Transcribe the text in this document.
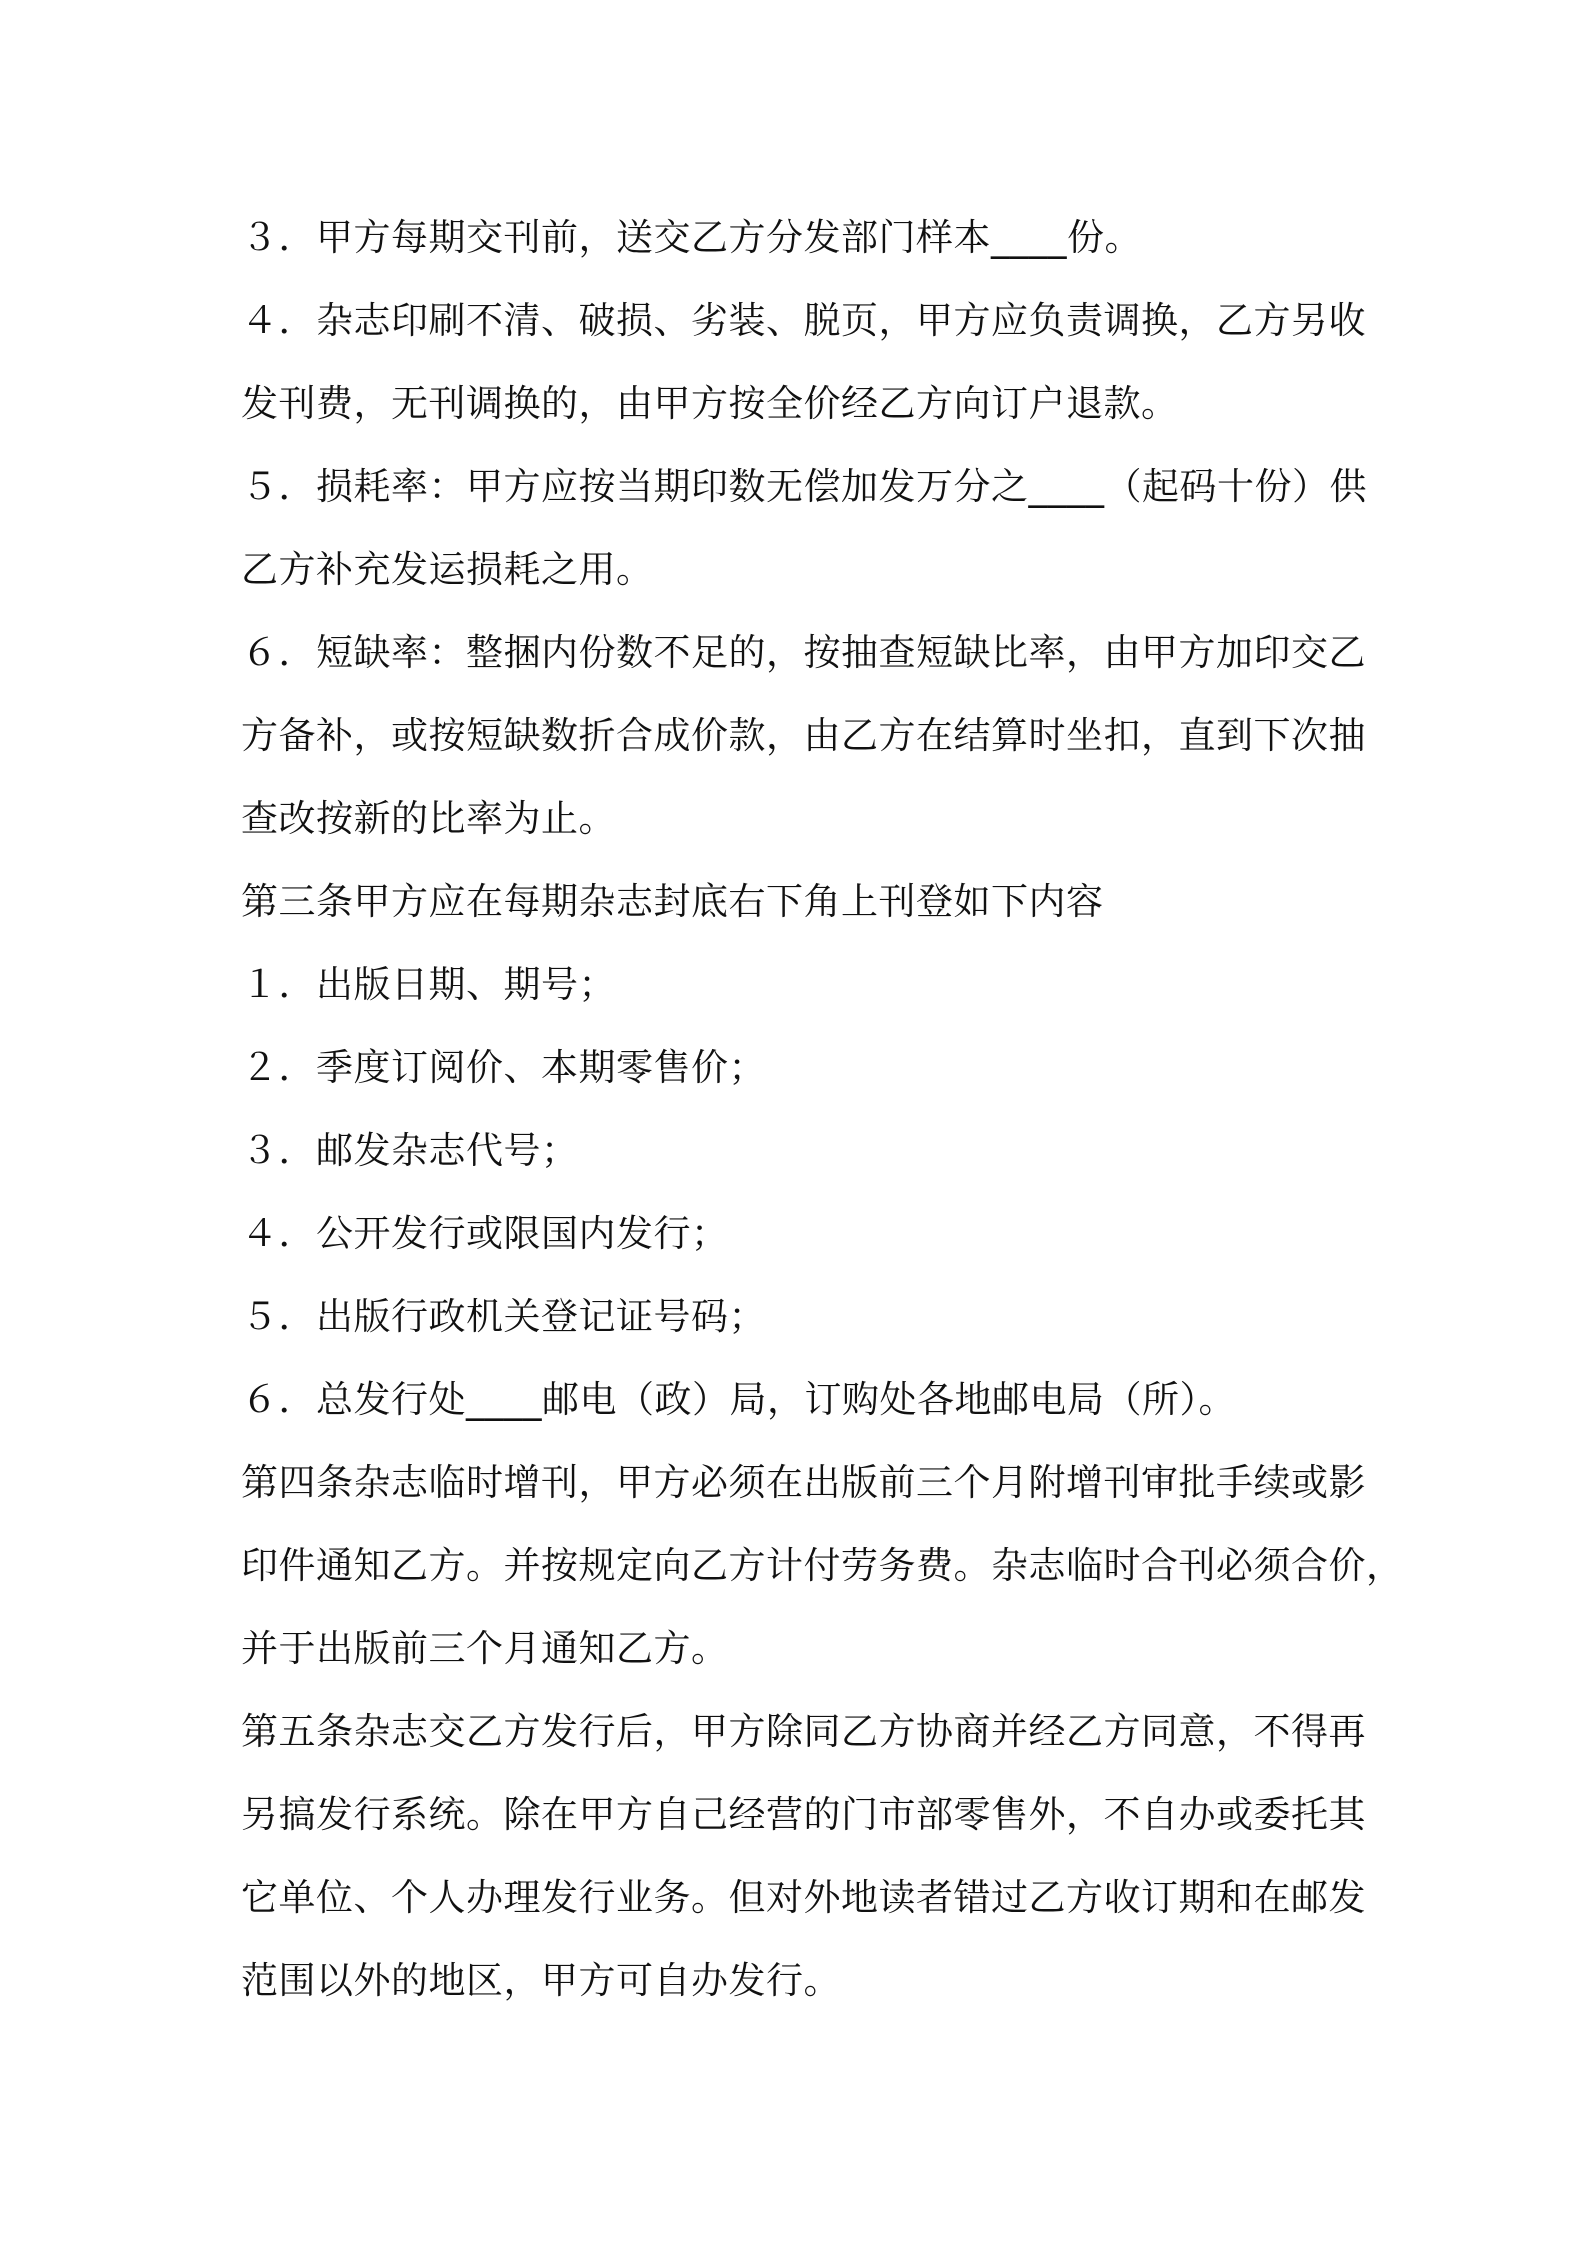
３．甲方每期交刊前，送交乙方分发部门样本____份。
４．杂志印刷不清、破损、劣装、脱页，甲方应负责调换，乙方另收
发刊费，无刊调换的，由甲方按全价经乙方向订户退款。
５．损耗率：甲方应按当期印数无偿加发万分之____（起码十份）供
乙方补充发运损耗之用。
６．短缺率：整捆内份数不足的，按抽查短缺比率，由甲方加印交乙
方备补，或按短缺数折合成价款，由乙方在结算时坐扣，直到下次抽
查改按新的比率为止。
第三条甲方应在每期杂志封底右下角上刊登如下内容
１．出版日期、期号；
２．季度订阅价、本期零售价；
３．邮发杂志代号；
４．公开发行或限国内发行；
５．出版行政机关登记证号码；
６．总发行处____邮电（政）局，订购处各地邮电局（所）。
第四条杂志临时增刊，甲方必须在出版前三个月附增刊审批手续或影
印件通知乙方。并按规定向乙方计付劳务费。杂志临时合刊必须合价，
并于出版前三个月通知乙方。
第五条杂志交乙方发行后，甲方除同乙方协商并经乙方同意，不得再
另搞发行系统。除在甲方自己经营的门市部零售外，不自办或委托其
它单位、个人办理发行业务。但对外地读者错过乙方收订期和在邮发
范围以外的地区，甲方可自办发行。
